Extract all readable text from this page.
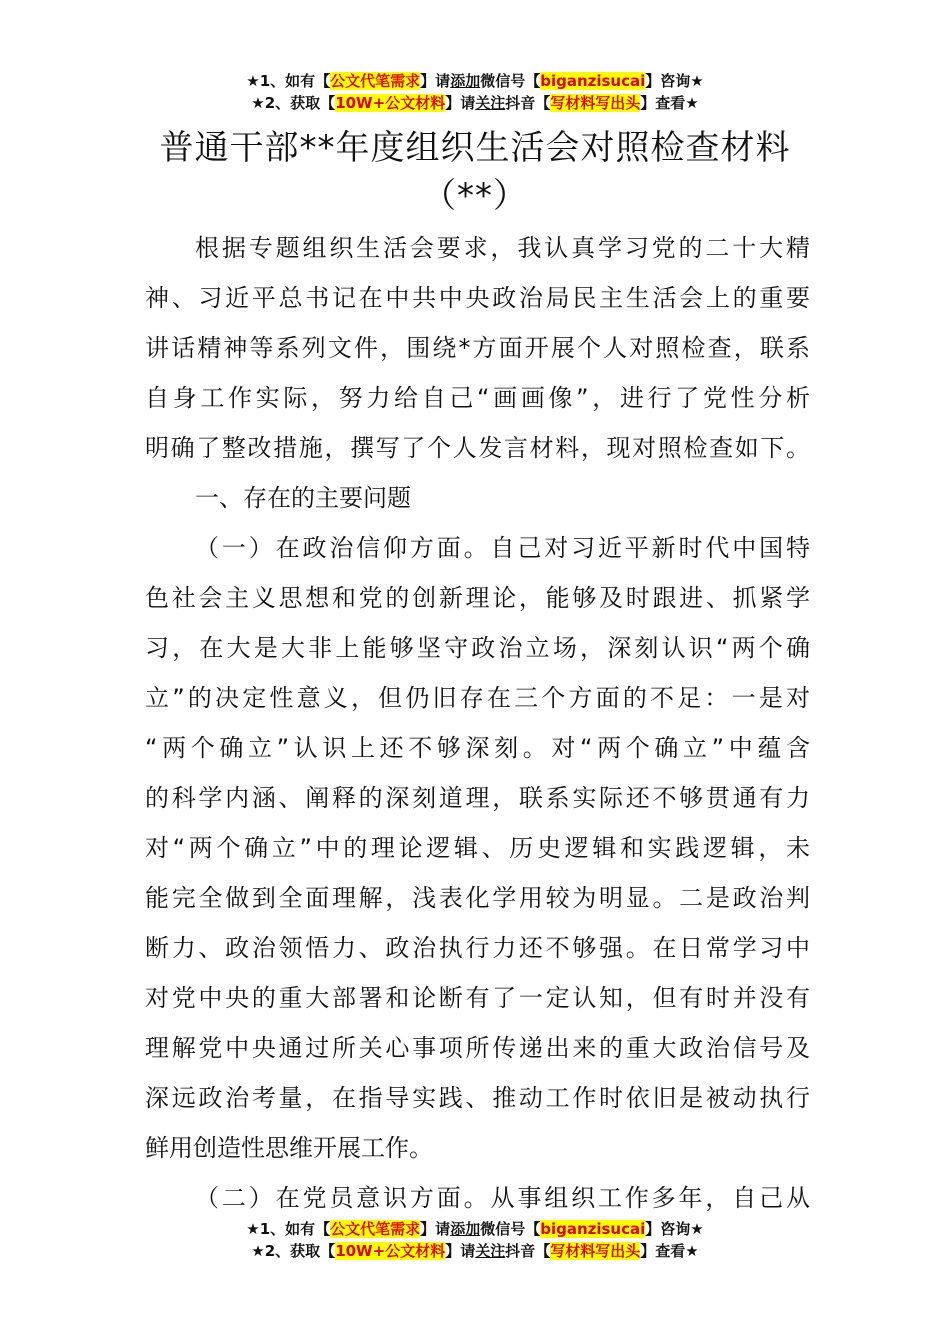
★1、如有【公文代笔需求】请添加微信号【biganzisucai】咨询★
★2、获取【10W+公文材料】请关注抖音【写材料写出头】查看★
普通干部**年度组织生活会对照检查材料
（**）
根据专题组织生活会要求，我认真学习党的二十大精
神、习近平总书记在中共中央政治局民主生活会上的重要
讲话精神等系列文件，围绕*方面开展个人对照检查，联系
自身工作实际，努力给自己“画画像”，进行了党性分析
明确了整改措施，撰写了个人发言材料，现对照检查如下。
一、存在的主要问题
（一）在政治信仰方面。自己对习近平新时代中国特
色社会主义思想和党的创新理论，能够及时跟进、抓紧学
习，在大是大非上能够坚守政治立场，深刻认识“两个确
立”的决定性意义，但仍旧存在三个方面的不足：一是对
“两个确立”认识上还不够深刻。对“两个确立”中蕴含
的科学内涵、阐释的深刻道理，联系实际还不够贯通有力
对“两个确立”中的理论逻辑、历史逻辑和实践逻辑，未
能完全做到全面理解，浅表化学用较为明显。二是政治判
断力、政治领悟力、政治执行力还不够强。在日常学习中
对党中央的重大部署和论断有了一定认知，但有时并没有
理解党中央通过所关心事项所传递出来的重大政治信号及
深远政治考量，在指导实践、推动工作时依旧是被动执行
鲜用创造性思维开展工作。
（二）在党员意识方面。从事组织工作多年，自己从
★1、如有【公文代笔需求】请添加微信号【biganzisucai】咨询★
★2、获取【10W+公文材料】请关注抖音【写材料写出头】查看★
